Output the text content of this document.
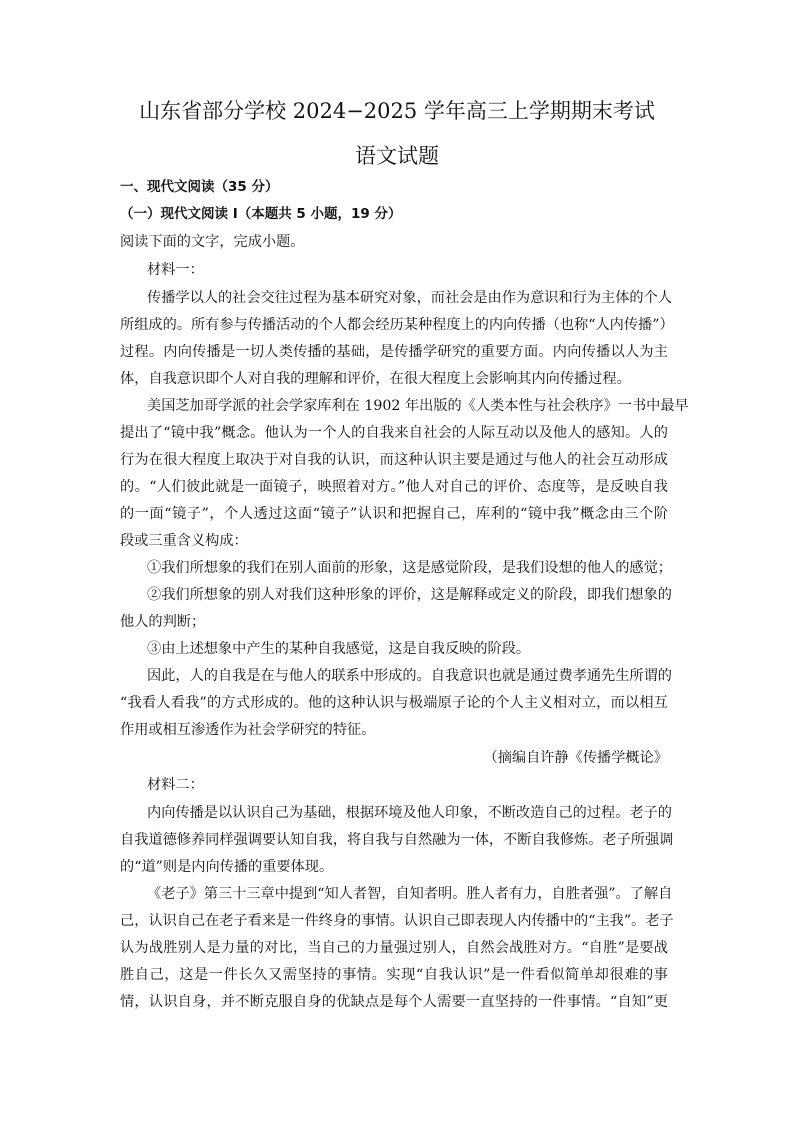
山东省部分学校 2024−2025 学年高三上学期期末考试
语文试题
一、现代文阅读（35 分）
（一）现代文阅读 I（本题共 5 小题，19 分）
阅读下面的文字，完成小题。
材料一：
传播学以人的社会交往过程为基本研究对象，而社会是由作为意识和行为主体的个人
所组成的。所有参与传播活动的个人都会经历某种程度上的内向传播（也称“人内传播”）
过程。内向传播是一切人类传播的基础，是传播学研究的重要方面。内向传播以人为主
体，自我意识即个人对自我的理解和评价，在很大程度上会影响其内向传播过程。
美国芝加哥学派的社会学家库利在 1902 年出版的《人类本性与社会秩序》一书中最早
提出了“镜中我”概念。他认为一个人的自我来自社会的人际互动以及他人的感知。人的
行为在很大程度上取决于对自我的认识，而这种认识主要是通过与他人的社会互动形成
的。“人们彼此就是一面镜子，映照着对方。”他人对自己的评价、态度等，是反映自我
的一面“镜子”，个人透过这面“镜子”认识和把握自己，库利的“镜中我”概念由三个阶
段或三重含义构成：
①我们所想象的我们在别人面前的形象，这是感觉阶段，是我们设想的他人的感觉；
②我们所想象的别人对我们这种形象的评价，这是解释或定义的阶段，即我们想象的
他人的判断；
③由上述想象中产生的某种自我感觉，这是自我反映的阶段。
因此，人的自我是在与他人的联系中形成的。自我意识也就是通过费孝通先生所谓的
“我看人看我”的方式形成的。他的这种认识与极端原子论的个人主义相对立，而以相互
作用或相互渗透作为社会学研究的特征。
（摘编自许静《传播学概论》
材料二：
内向传播是以认识自己为基础，根据环境及他人印象，不断改造自己的过程。老子的
自我道德修养同样强调要认知自我，将自我与自然融为一体，不断自我修炼。老子所强调
的“道”则是内向传播的重要体现。
《老子》第三十三章中提到“知人者智，自知者明。胜人者有力，自胜者强”。了解自
己，认识自己在老子看来是一件终身的事情。认识自己即表现人内传播中的“主我”。老子
认为战胜别人是力量的对比，当自己的力量强过别人，自然会战胜对方。“自胜”是要战
胜自己，这是一件长久又需坚持的事情。实现“自我认识”是一件看似简单却很难的事
情，认识自身，并不断克服自身的优缺点是每个人需要一直坚持的一件事情。“自知”更
